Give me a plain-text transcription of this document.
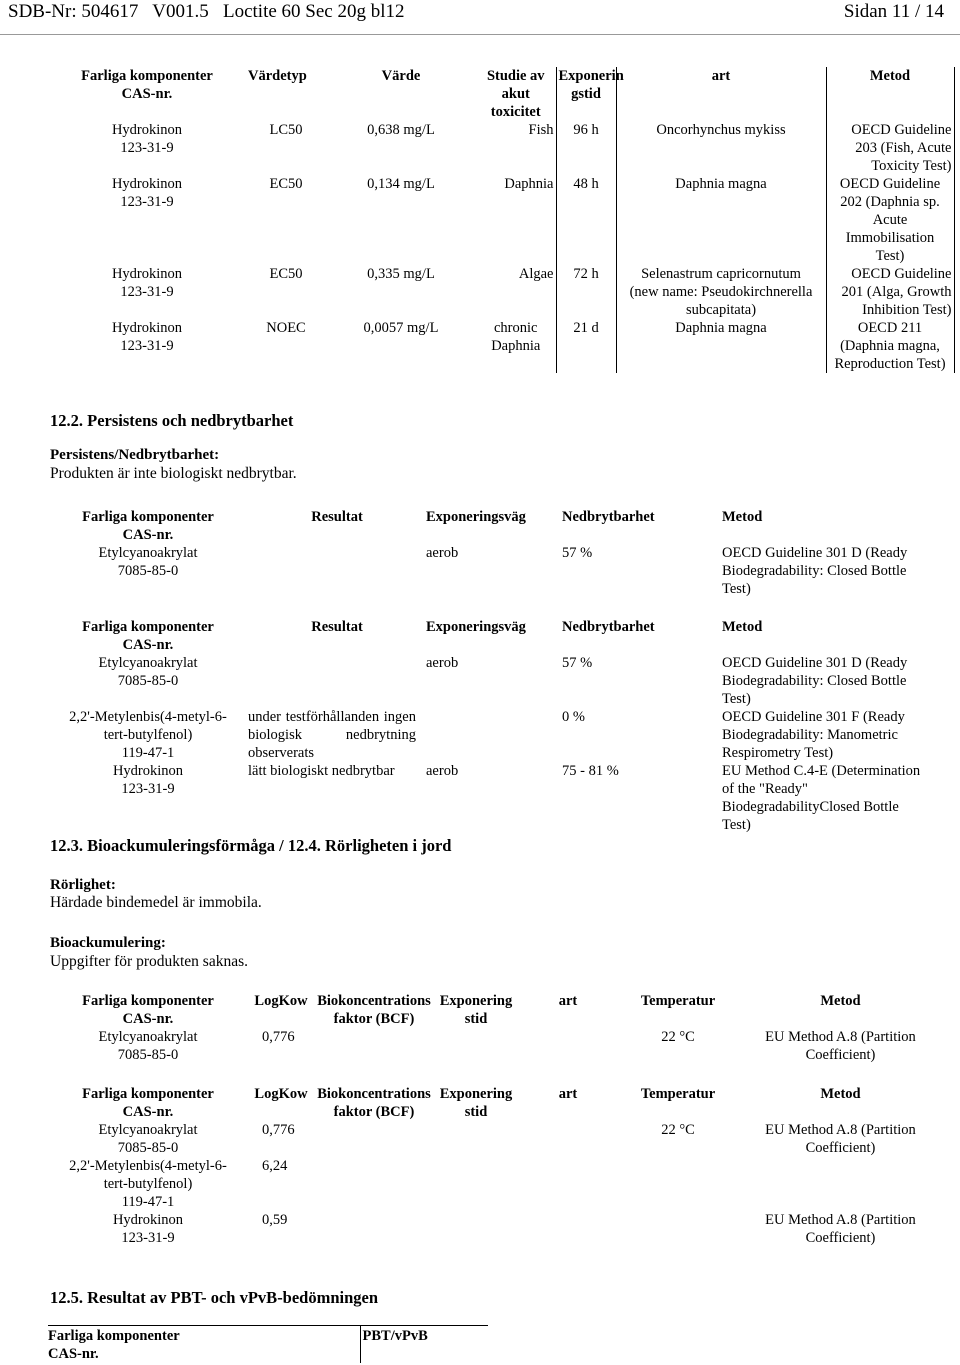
SDB-Nr: 504617   V001.5   Loctite 60 Sec 20g bl12	Sidan 11 / 14
Farliga komponenter
CAS-nr.	Värdetyp	Värde	Studie av
akut
toxicitet	Exponerin
gstid	art	Metod
Hydrokinon
123-31-9	LC50	0,638 mg/L	Fish	96 h	Oncorhynchus mykiss	OECD Guideline
203 (Fish, Acute
Toxicity Test)
Hydrokinon
123-31-9	EC50	0,134 mg/L	Daphnia	48 h	Daphnia magna	OECD Guideline
202 (Daphnia sp.
Acute
Immobilisation
Test)
Hydrokinon
123-31-9	EC50	0,335 mg/L	Algae	72 h	Selenastrum capricornutum
(new name: Pseudokirchnerella
subcapitata)	OECD Guideline
201 (Alga, Growth
Inhibition Test)
Hydrokinon
123-31-9	NOEC	0,0057 mg/L	chronic
Daphnia	21 d	Daphnia magna	OECD 211
(Daphnia magna,
Reproduction Test)
12.2. Persistens och nedbrytbarhet
Persistens/Nedbrytbarhet:
Produkten är inte biologiskt nedbrytbar.
Farliga komponenter
CAS-nr.	Resultat	Exponeringsväg	Nedbrytbarhet	Metod
Etylcyanoakrylat
7085-85-0		aerob	57 %	OECD Guideline 301 D (Ready
Biodegradability: Closed Bottle
Test)
Farliga komponenter
CAS-nr.	Resultat	Exponeringsväg	Nedbrytbarhet	Metod
Etylcyanoakrylat
7085-85-0		aerob	57 %	OECD Guideline 301 D (Ready
Biodegradability: Closed Bottle
Test)
2,2'-Metylenbis(4-metyl-6-
tert-butylfenol)
119-47-1	under testförhållanden ingen biologisk nedbrytning observerats		0 %	OECD Guideline 301 F (Ready
Biodegradability: Manometric
Respirometry Test)
Hydrokinon
123-31-9	lätt biologiskt nedbrytbar	aerob	75 - 81 %	EU Method C.4-E (Determination
of the "Ready"
BiodegradabilityClosed Bottle
Test)
12.3. Bioackumuleringsförmåga / 12.4. Rörligheten i jord
Rörlighet:
Härdade bindemedel är immobila.
Bioackumulering:
Uppgifter för produkten saknas.
Farliga komponenter
CAS-nr.	LogKow	Biokoncentrations
faktor (BCF)	Exponering
stid	art	Temperatur	Metod
Etylcyanoakrylat
7085-85-0	0,776				22 °C	EU Method A.8 (Partition
Coefficient)
Farliga komponenter
CAS-nr.	LogKow	Biokoncentrations
faktor (BCF)	Exponering
stid	art	Temperatur	Metod
Etylcyanoakrylat
7085-85-0	0,776				22 °C	EU Method A.8 (Partition
Coefficient)
2,2'-Metylenbis(4-metyl-6-
tert-butylfenol)
119-47-1	6,24					
Hydrokinon
123-31-9	0,59					EU Method A.8 (Partition
Coefficient)
12.5. Resultat av PBT- och vPvB-bedömningen
Farliga komponenter
CAS-nr.	PBT/vPvB
